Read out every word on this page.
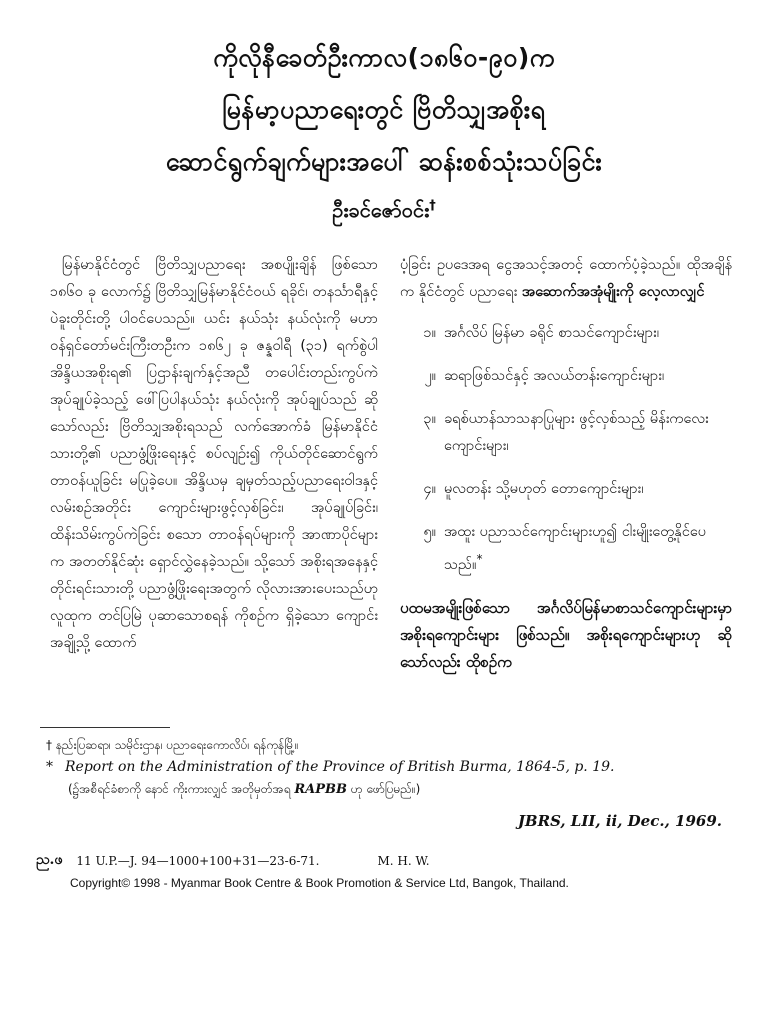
ကိုလိုနီခေတ်ဦးကာလ(၁၈၆၀-၉၀)က
မြန်မာ့ပညာရေးတွင် ဗြိတိသျှအစိုးရ
ဆောင်ရွက်ချက်များအပေါ် ဆန်းစစ်သုံးသပ်ခြင်း
ဦးခင်ဇော်ဝင်း†

မြန်မာနိုင်ငံတွင် ဗြိတိသျှပညာရေး အစပျိုးချိန် ဖြစ်သော ၁၈၆၀ ခု လောက်၌ ဗြိတိသျှမြန်မာနိုင်ငံဝယ် ရခိုင်၊ တနင်္သာရီနှင့် ပဲခူးတိုင်းတို့ ပါဝင်ပေသည်။ ယင်း နယ်သုံး နယ်လုံးကို မဟာဝန်ရှင်တော်မင်းကြီးတဦးက ၁၈၆၂ ခု ဇန္နဝါရီ (၃၁) ရက်စွဲပါ အိန္ဒိယအစိုးရ၏ ပြဌာန်းချက်နှင့်အညီ တပေါင်းတည်းကွပ်ကဲ အုပ်ချုပ်ခဲ့သည့် ဖေါ်ပြပါနယ်သုံး နယ်လုံးကို အုပ်ချုပ်သည် ဆိုသော်လည်း ဗြိတိသျှအစိုးရသည် လက်အောက်ခံ မြန်မာနိုင်ငံသားတို့၏ ပညာဖွံ့ဖြိုးရေးနှင့် စပ်လျဉ်း၍ ကိုယ်တိုင်ဆောင်ရွက် တာဝန်ယူခြင်း မပြုခဲ့ပေ။ အိန္ဒိယမှ ချမှတ်သည့်ပညာရေးဝါဒနှင့် လမ်းစဉ်အတိုင်း ကျောင်းများဖွင့်လှစ်ခြင်း၊ အုပ်ချုပ်ခြင်း၊ ထိန်းသိမ်းကွပ်ကဲခြင်း စသော တာဝန်ရပ်များကို အာဏာပိုင်များက အတတ်နိုင်ဆုံး ရှောင်လွှဲနေခဲ့သည်။ သို့သော် အစိုးရအနေနှင့် တိုင်းရင်းသားတို့ ပညာဖွံ့ဖြိုးရေးအတွက် လိုလားအားပေးသည်ဟု လူထုက တင်ပြမြဲ ပုဆာသောစရန် ကိုစဉ်က ရှိခဲ့သော ကျောင်းအချို့သို့ ထောက်

ပံ့ခြင်း ဥပဒေအရ ငွေအသင့်အတင့် ထောက်ပံ့ခဲ့သည်။ ထိုအချိန်က နိုင်ငံတွင် ပညာရေး အဆောက်အအုံမျိုးကို လေ့လာလျှင်

၁။ အင်္ဂလိပ် မြန်မာ ခရိုင် စာသင်ကျောင်းများ၊
၂။ ဆရာဖြစ်သင်နှင့် အလယ်တန်းကျောင်းများ၊
၃။ ခရစ်ယာန်သာသနာပြုများ ဖွင့်လှစ်သည့် မိန်းကလေးကျောင်းများ၊
၄။ မူလတန်း သို့မဟုတ် တောကျောင်းများ၊
၅။ အထူး ပညာသင်ကျောင်းများဟူ၍ ငါးမျိုးတွေ့နိုင်ပေသည်။*

ပထမအမျိုးဖြစ်သော အင်္ဂလိပ်မြန်မာစာသင်ကျောင်းများမှာ အစိုးရကျောင်းများ ဖြစ်သည်။ အစိုးရကျောင်းများဟု ဆိုသော်လည်း ထိုစဉ်က

† နည်းပြဆရာ၊ သမိုင်းဌာန၊ ပညာရေးကောလိပ်၊ ရန်ကုန်မြို့။
* Report on the Administration of the Province of British Burma, 1864-5, p. 19.
(၌အစီရင်ခံစာကို နောင် ကိုးကားလျှင် အတိုမှတ်အရ RAPBB ဟု ဖော်ပြမည်။)
JBRS, LII, ii, Dec., 1969.
ည.ဖ 11 U.P.—J. 94—1000+100+31—23-6-71.	M. H. W.
Copyright© 1998 - Myanmar Book Centre & Book Promotion & Service Ltd, Bangok, Thailand.
